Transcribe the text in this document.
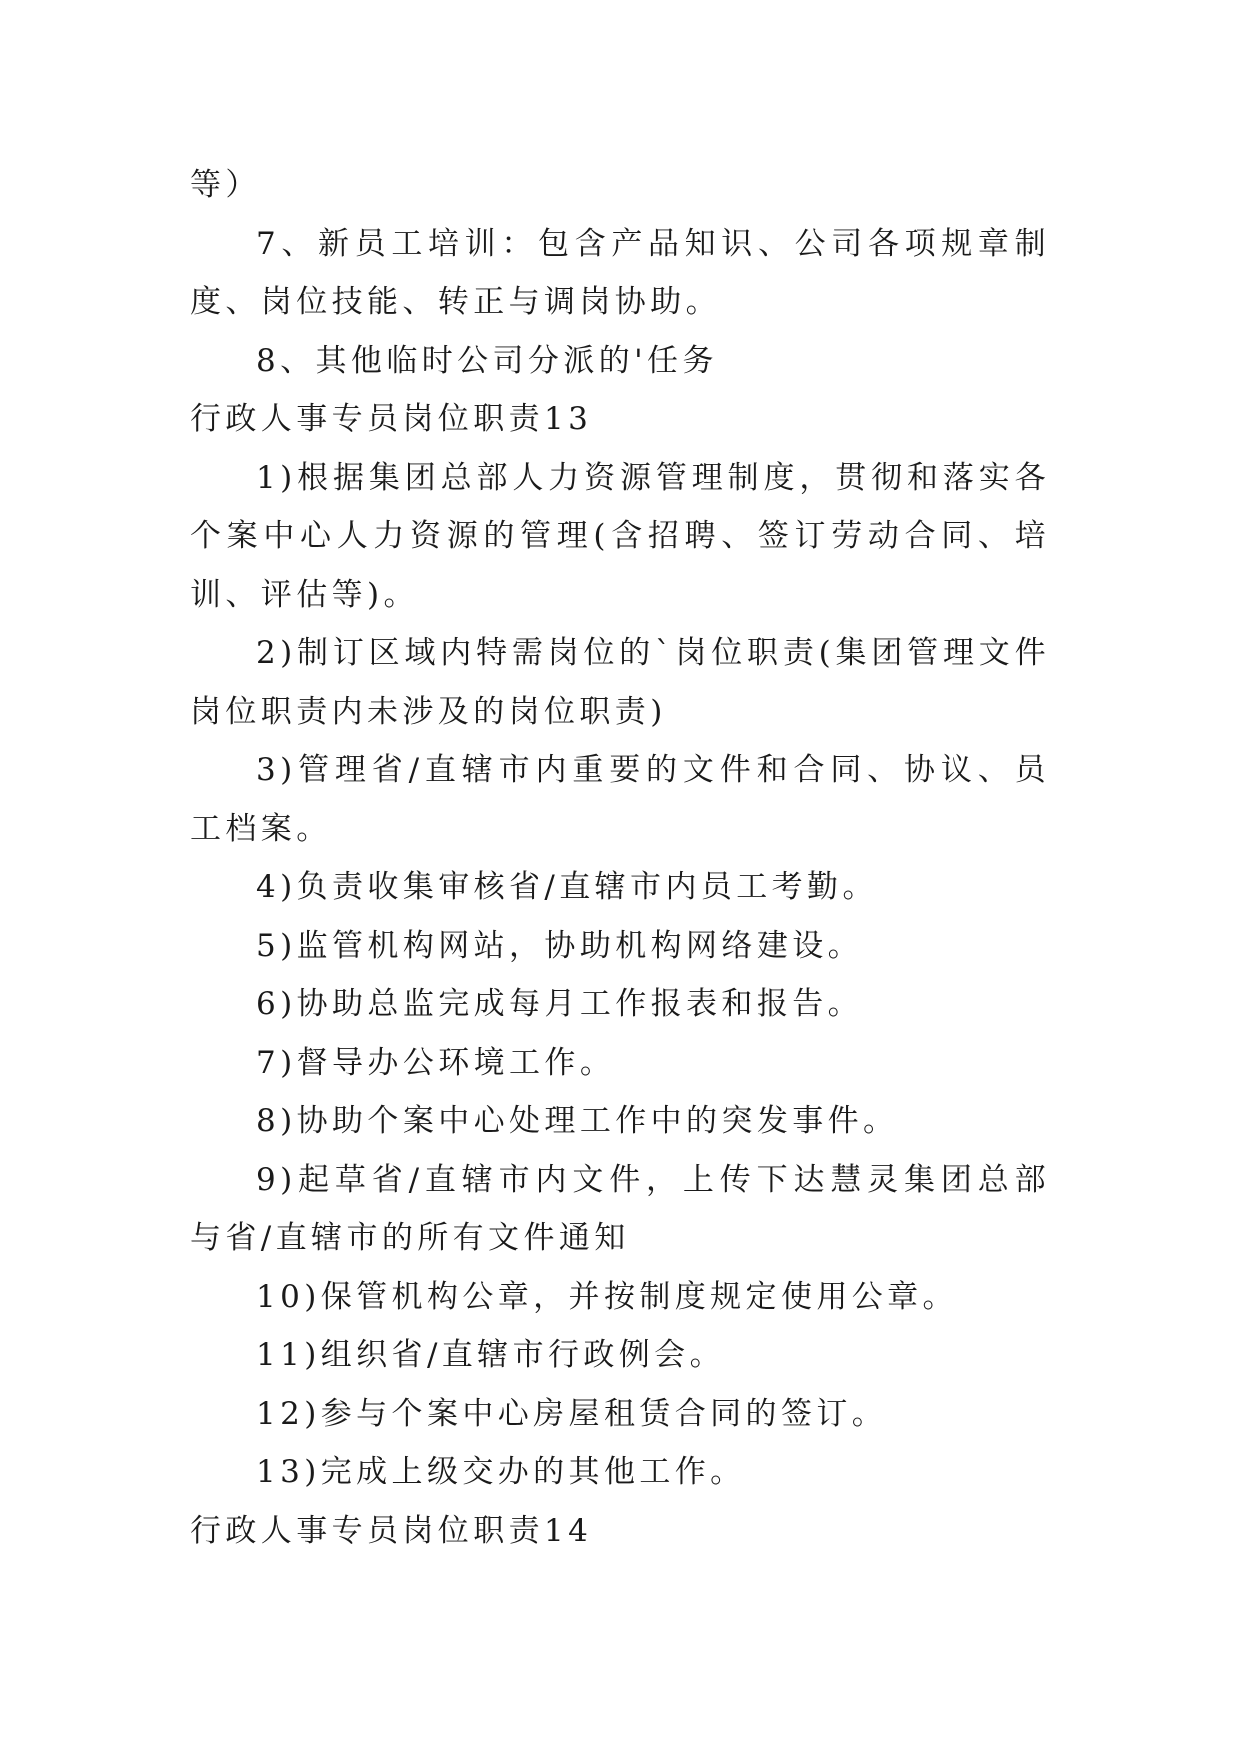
等）

7、新员工培训：包含产品知识、公司各项规章制度、岗位技能、转正与调岗协助。

8、其他临时公司分派的'任务

行政人事专员岗位职责13

1)根据集团总部人力资源管理制度，贯彻和落实各个案中心人力资源的管理(含招聘、签订劳动合同、培训、评估等)。

2)制订区域内特需岗位的`岗位职责(集团管理文件岗位职责内未涉及的岗位职责)

3)管理省/直辖市内重要的文件和合同、协议、员工档案。

4)负责收集审核省/直辖市内员工考勤。

5)监管机构网站，协助机构网络建设。

6)协助总监完成每月工作报表和报告。

7)督导办公环境工作。

8)协助个案中心处理工作中的突发事件。

9)起草省/直辖市内文件，上传下达慧灵集团总部与省/直辖市的所有文件通知

10)保管机构公章，并按制度规定使用公章。

11)组织省/直辖市行政例会。

12)参与个案中心房屋租赁合同的签订。

13)完成上级交办的其他工作。

行政人事专员岗位职责14
